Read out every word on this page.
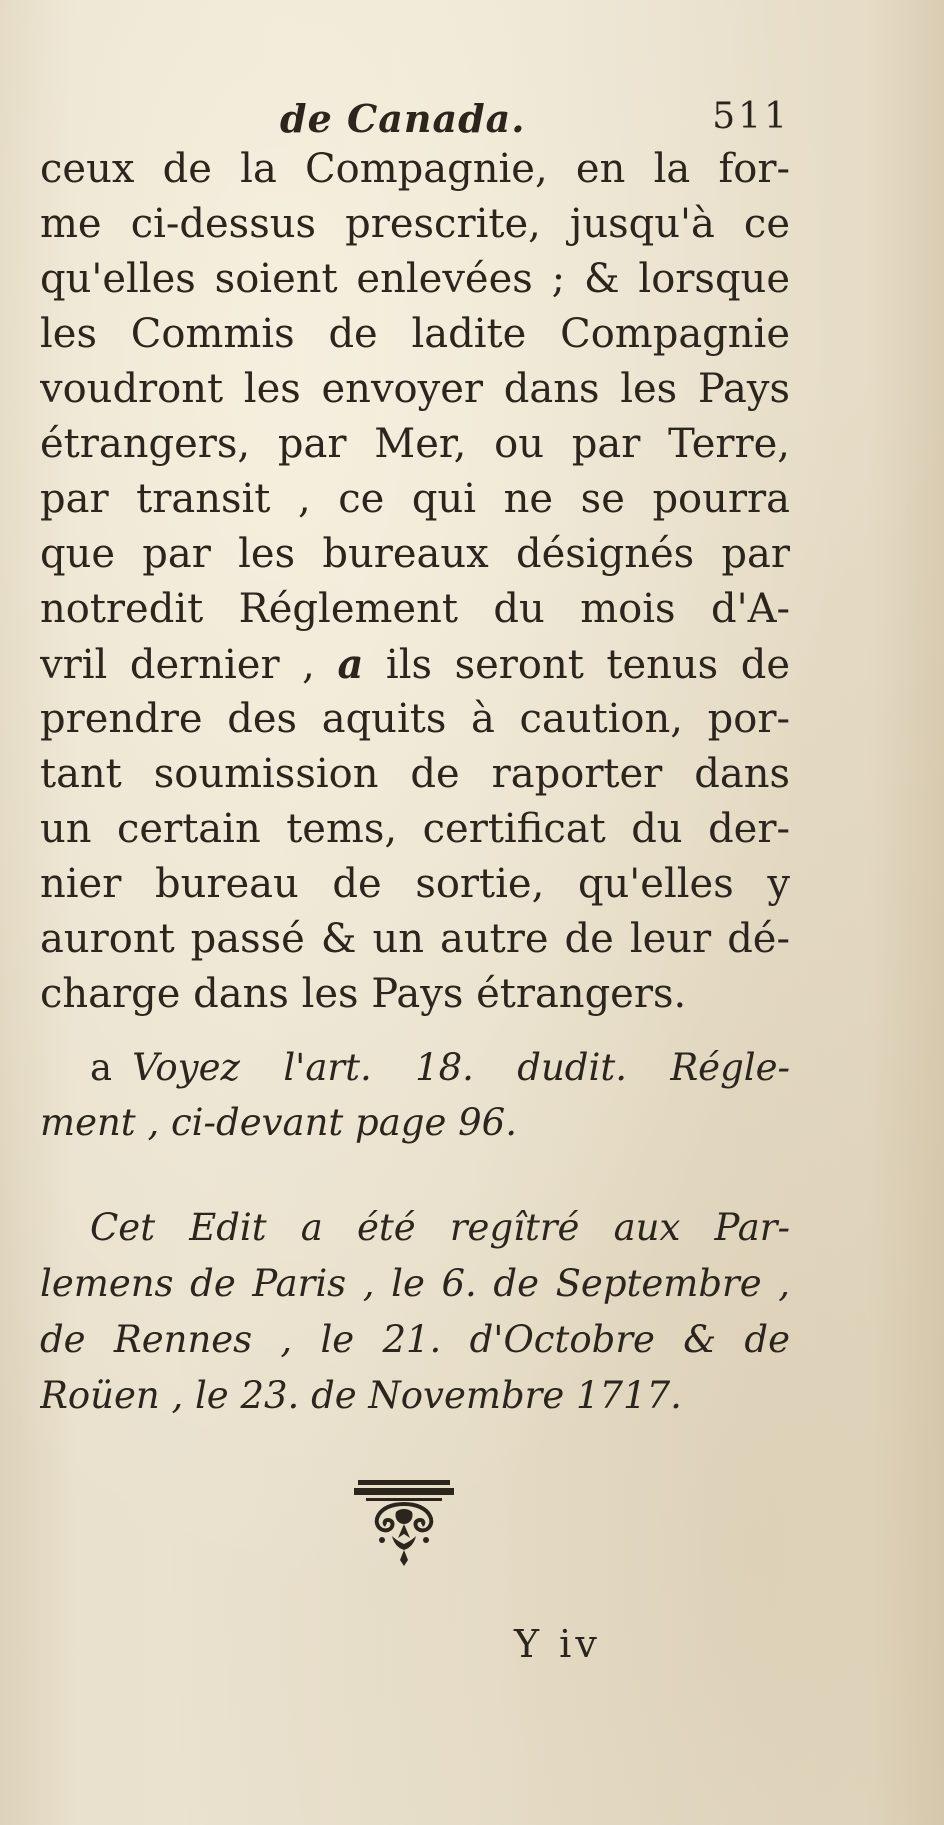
de Canada.	511
ceux de la Compagnie, en la for-
me ci-dessus prescrite, jusqu'à ce
qu'elles soient enlevées ; & lorsque
les Commis de ladite Compagnie
voudront les envoyer dans les Pays
étrangers, par Mer, ou par Terre,
par transit , ce qui ne se pourra
que par les bureaux désignés par
notredit Réglement du mois d'A-
vril dernier , a ils seront tenus de
prendre des aquits à caution, por-
tant soumission de raporter dans
un certain tems, certificat du der-
nier bureau de sortie, qu'elles y
auront passé & un autre de leur dé-
charge dans les Pays étrangers.
a Voyez l'art. 18. dudit. Régle-
ment , ci-devant page 96.
Cet Edit a été regîtré aux Par-
lemens de Paris , le 6. de Septembre ,
de Rennes , le 21. d'Octobre & de
Roüen , le 23. de Novembre 1717.
Y iv
